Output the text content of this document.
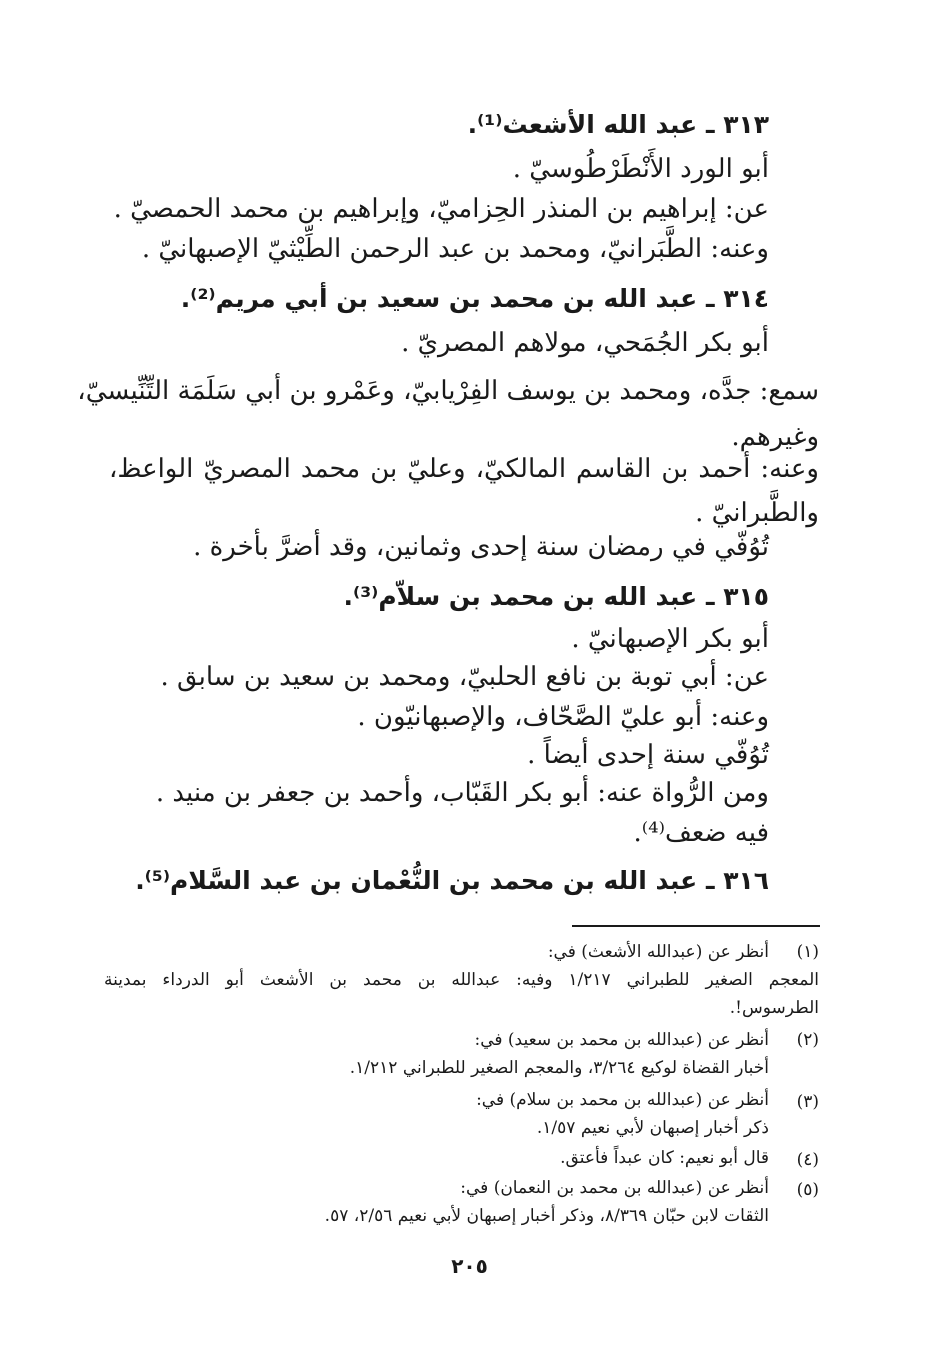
٣١٣ ـ عبد الله الأشعث⁽¹⁾.
أبو الورد الأَنْطَرْطُوسيّ .
عن: إبراهيم بن المنذر الحِزاميّ، وإبراهيم بن محمد الحمصيّ .
وعنه: الطَّبَرانيّ، ومحمد بن عبد الرحمن الطِّيْثيّ الإصبهانيّ .
٣١٤ ـ عبد الله بن محمد بن سعيد بن أبي مريم⁽²⁾.
أبو بكر الجُمَحي، مولاهم المصريّ .
سمع: جدَّه، ومحمد بن يوسف الفِرْيابيّ، وعَمْرو بن أبي سَلَمَة التِّنِّيسيّ،
وغيرهم.
وعنه: أحمد بن القاسم المالكيّ، وعليّ بن محمد المصريّ الواعظ،
والطَّبرانيّ .
تُوُفّي في رمضان سنة إحدى وثمانين، وقد أضرَّ بأخرة .
٣١٥ ـ عبد الله بن محمد بن سلاّم⁽³⁾.
أبو بكر الإصبهانيّ .
عن: أبي توبة بن نافع الحلبيّ، ومحمد بن سعيد بن سابق .
وعنه: أبو عليّ الصَّحّاف، والإصبهانيّون .
تُوُفّي سنة إحدى أيضاً .
ومن الرُّواة عنه: أبو بكر القَبّاب، وأحمد بن جعفر بن منيد .
فيه ضعف⁽⁴⁾.
٣١٦ ـ عبد الله بن محمد بن النُّعْمان بن عبد السَّلام⁽⁵⁾.
(١)
أنظر عن (عبدالله الأشعث) في:
المعجم الصغير للطبراني ١/٢١٧ وفيه: عبدالله بن محمد بن الأشعث أبو الدرداء بمدينة
الطرسوس!.
(٢)
أنظر عن (عبدالله بن محمد بن سعيد) في:
أخبار القضاة لوكيع ٣/٢٦٤، والمعجم الصغير للطبراني ١/٢١٢.
(٣)
أنظر عن (عبدالله بن محمد بن سلام) في:
ذكر أخبار إصبهان لأبي نعيم ١/٥٧.
(٤)
قال أبو نعيم: كان عبداً فأعتق.
(٥)
أنظر عن (عبدالله بن محمد بن النعمان) في:
الثقات لابن حبّان ٨/٣٦٩، وذكر أخبار إصبهان لأبي نعيم ٢/٥٦، ٥٧.
٢٠٥
